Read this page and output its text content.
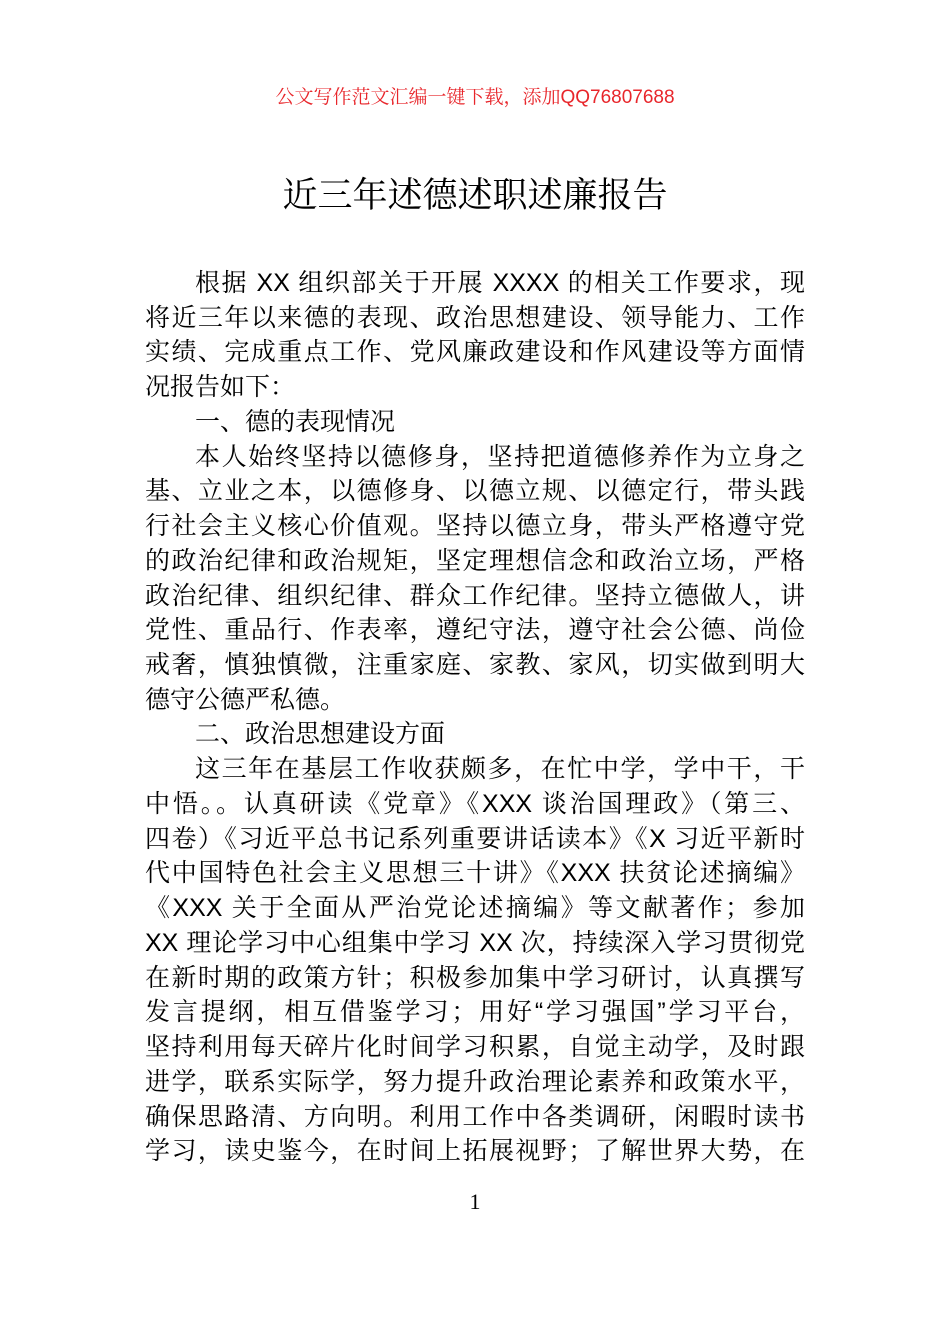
公文写作范文汇编一键下载，添加QQ76807688
近三年述德述职述廉报告
根据 XX 组织部关于开展 XXXX 的相关工作要求，现
将近三年以来德的表现、政治思想建设、领导能力、工作
实绩、完成重点工作、党风廉政建设和作风建设等方面情
况报告如下：
一、德的表现情况
本人始终坚持以德修身，坚持把道德修养作为立身之
基、立业之本，以德修身、以德立规、以德定行，带头践
行社会主义核心价值观。坚持以德立身，带头严格遵守党
的政治纪律和政治规矩，坚定理想信念和政治立场，严格
政治纪律、组织纪律、群众工作纪律。坚持立德做人，讲
党性、重品行、作表率，遵纪守法，遵守社会公德、尚俭
戒奢，慎独慎微，注重家庭、家教、家风，切实做到明大
德守公德严私德。
二、政治思想建设方面
这三年在基层工作收获颇多，在忙中学，学中干，干
中悟。。认真研读《党章》《XXX 谈治国理政》（第三、
四卷）《习近平总书记系列重要讲话读本》《X 习近平新时
代中国特色社会主义思想三十讲》《XXX 扶贫论述摘编》
《XXX 关于全面从严治党论述摘编》等文献著作；参加
XX 理论学习中心组集中学习 XX 次，持续深入学习贯彻党
在新时期的政策方针；积极参加集中学习研讨，认真撰写
发言提纲，相互借鉴学习；用好“学习强国”学习平台，
坚持利用每天碎片化时间学习积累，自觉主动学，及时跟
进学，联系实际学，努力提升政治理论素养和政策水平，
确保思路清、方向明。利用工作中各类调研，闲暇时读书
学习，读史鉴今，在时间上拓展视野；了解世界大势，在
1
